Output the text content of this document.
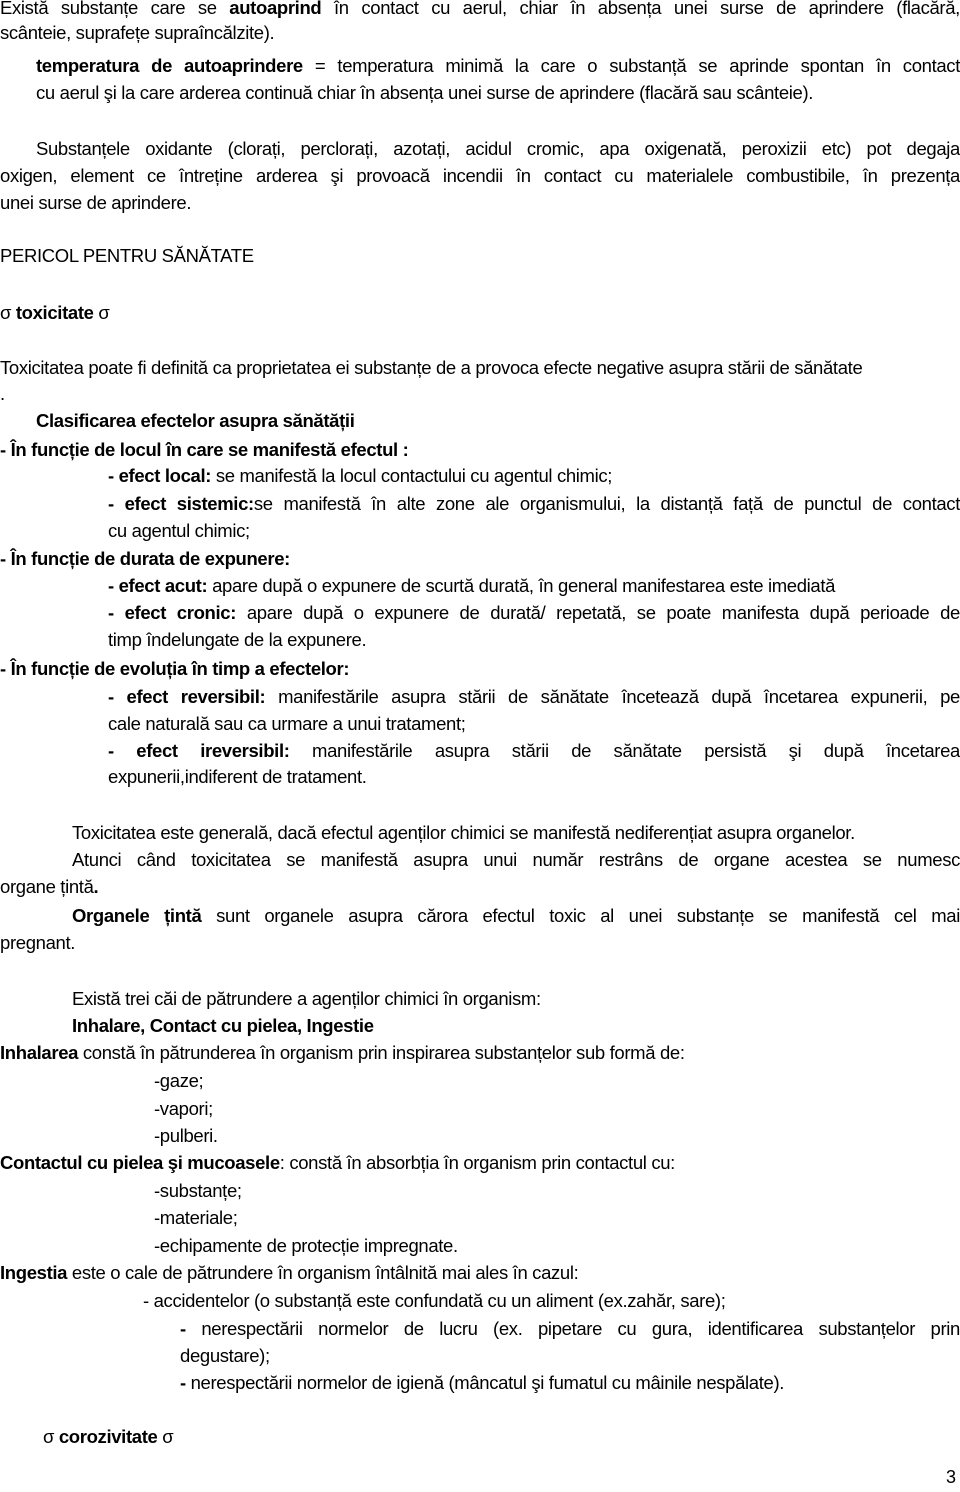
Există substanțe care se autoaprind în contact cu aerul, chiar în absența unei surse de aprindere (flacără,
scânteie, suprafețe supraîncălzite).
temperatura de autoaprindere = temperatura minimă la care o substanță se aprinde spontan în contact
cu aerul şi la care arderea continuă chiar în absența unei surse de aprindere (flacără sau scânteie).
Substanțele oxidante (clorați, perclorați, azotați, acidul cromic, apa oxigenată, peroxizii etc) pot degaja
oxigen, element ce întreține arderea şi provoacă incendii în contact cu materialele combustibile, în prezența
unei surse de aprindere.
PERICOL PENTRU SĂNĂTATE
σ toxicitate σ
Toxicitatea poate fi definită ca proprietatea ei substanțe de a provoca efecte negative asupra stării de sănătate
.
Clasificarea efectelor asupra sănătății
- În funcție de locul în care se manifestă efectul :
- efect local: se manifestă la locul contactului cu agentul chimic;
- efect sistemic:se manifestă în alte zone ale organismului, la distanță față de punctul de contact
cu agentul chimic;
- În funcție de durata de expunere:
- efect acut: apare după o expunere de scurtă durată, în general manifestarea este imediată
- efect cronic: apare după o expunere de durată/ repetată, se poate manifesta după perioade de
timp îndelungate de la expunere.
- În funcție de evoluția în timp a efectelor:
- efect reversibil: manifestările asupra stării de sănătate încetează după încetarea expunerii, pe
cale naturală sau ca urmare a unui tratament;
- efect ireversibil: manifestările asupra stării de sănătate persistă şi după încetarea
expunerii,indiferent de tratament.
Toxicitatea este generală, dacă efectul agenților chimici se manifestă nediferențiat asupra organelor.
Atunci când toxicitatea se manifestă asupra unui număr restrâns de organe acestea se numesc
organe țintă.
Organele țintă sunt organele asupra cărora efectul toxic al unei substanțe se manifestă cel mai
pregnant.
Există trei căi de pătrundere a agenților chimici în organism:
Inhalare, Contact cu pielea, Ingestie
Inhalarea constă în pătrunderea în organism prin inspirarea substanțelor sub formă de:
-gaze;
-vapori;
-pulberi.
Contactul cu pielea şi mucoasele: constă în absorbția în organism prin contactul cu:
-substanțe;
-materiale;
-echipamente de protecție impregnate.
Ingestia este o cale de pătrundere în organism întâlnită mai ales în cazul:
- accidentelor (o substanță este confundată cu un aliment (ex.zahăr, sare);
- nerespectării normelor de lucru (ex. pipetare cu gura, identificarea substanțelor prin
degustare);
- nerespectării normelor de igienă (mâncatul şi fumatul cu mâinile nespălate).
σ corozivitate σ
3
